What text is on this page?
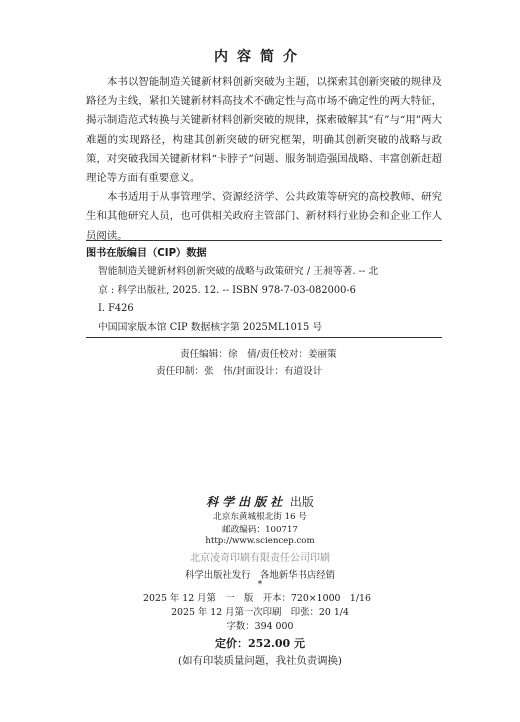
内容简介

本书以智能制造关键新材料创新突破为主题，以探索其创新突破的规律及路径为主线，紧扣关键新材料高技术不确定性与高市场不确定性的两大特征，揭示制造范式转换与关键新材料创新突破的规律，探索破解其“有”与“用”两大难题的实现路径，构建其创新突破的研究框架，明确其创新突破的战略与政策，对突破我国关键新材料“卡脖子”问题、服务制造强国战略、丰富创新赶超理论等方面有重要意义。

本书适用于从事管理学、资源经济学、公共政策等研究的高校教师、研究生和其他研究人员，也可供相关政府主管部门、新材料行业协会和企业工作人员阅读。

图书在版编目（CIP）数据
智能制造关键新材料创新突破的战略与政策研究 / 王昶等著. -- 北
京 : 科学出版社, 2025. 12. -- ISBN 978-7-03-082000-6
Ⅰ. F426
中国国家版本馆 CIP 数据核字第 2025ML1015 号
责任编辑：徐　倩/责任校对：姜丽策
责任印制：张　伟/封面设计：有道设计
科学出版社 出版
北京东黄城根北街 16 号
邮政编码：100717
http://www.sciencep.com
北京凌奇印刷有限责任公司印刷
科学出版社发行　各地新华书店经销
*
2025 年 12 月第　一　版　开本：720×1000　1/16
2025 年 12 月第一次印刷　印张：20 1/4
字数：394 000
定价：252.00 元
(如有印装质量问题，我社负责调换)
